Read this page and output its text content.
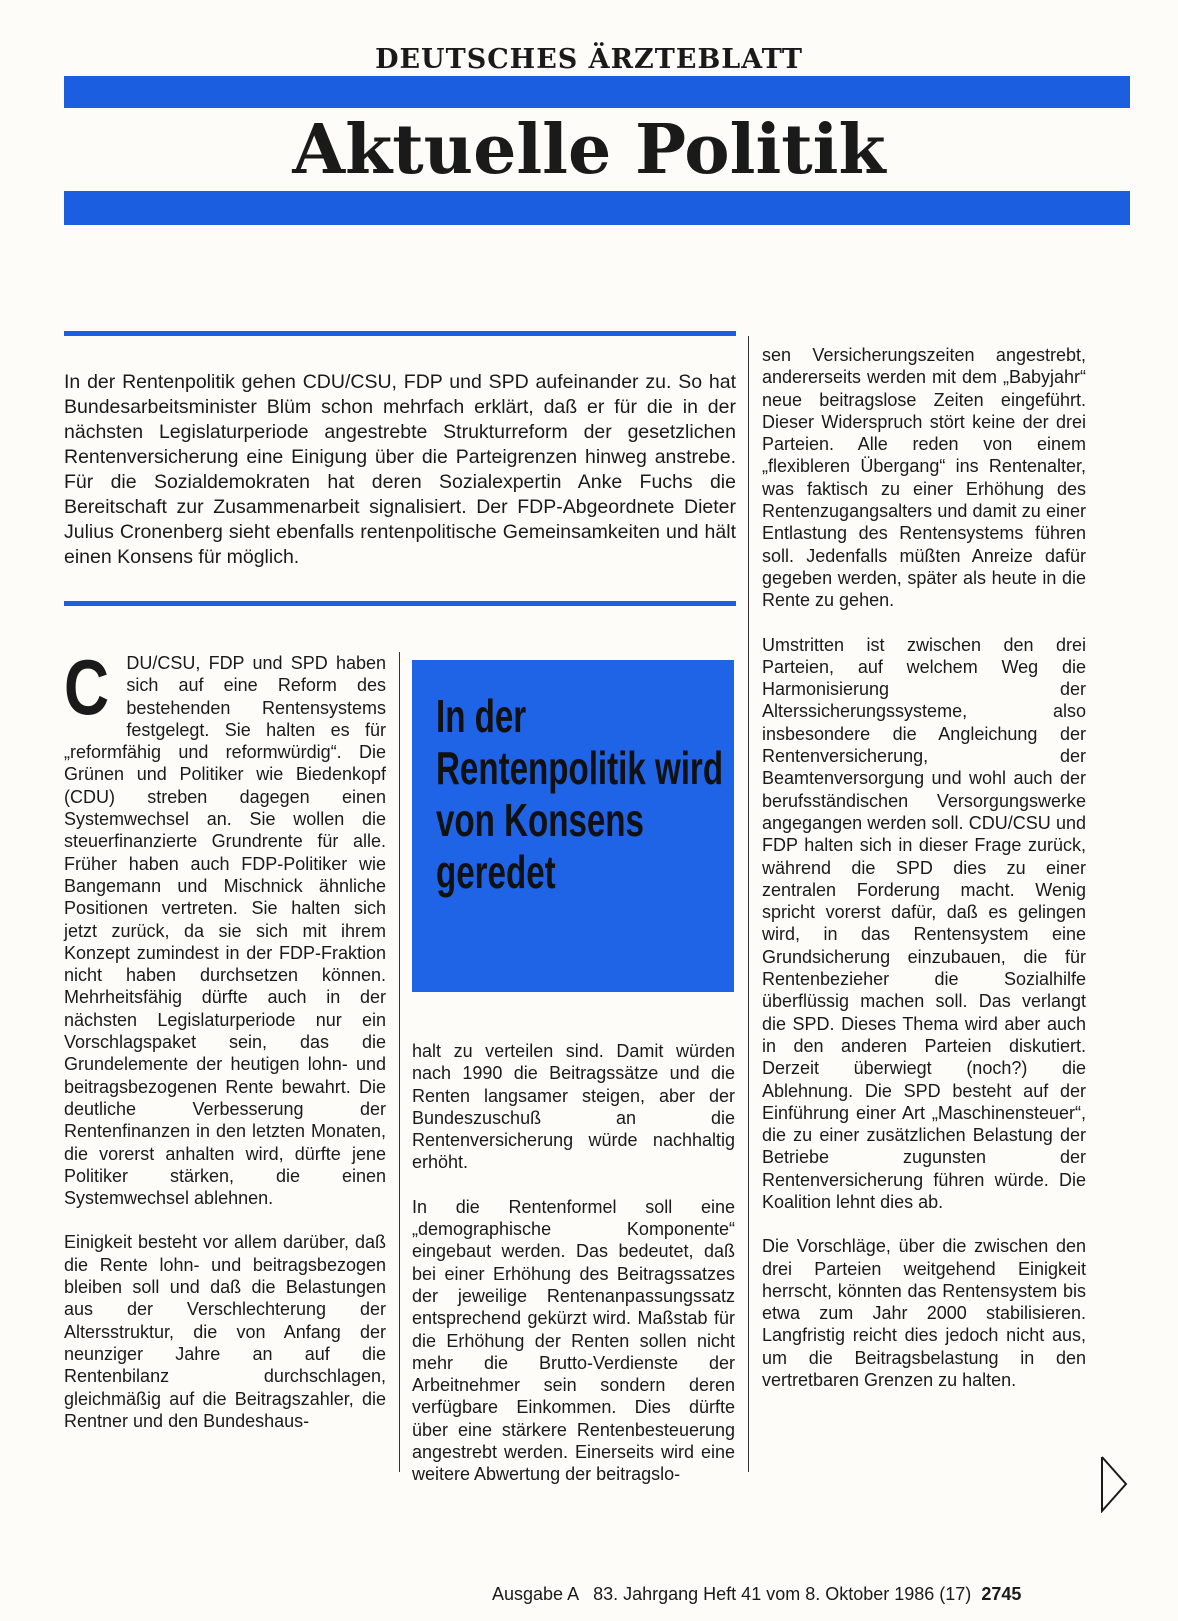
DEUTSCHES ÄRZTEBLATT
Aktuelle Politik
In der Rentenpolitik gehen CDU/CSU, FDP und SPD aufeinander zu. So hat Bundesarbeitsminister Blüm schon mehrfach erklärt, daß er für die in der nächsten Legislaturperiode angestrebte Strukturreform der gesetzlichen Rentenversicherung eine Einigung über die Parteigrenzen hinweg anstrebe. Für die Sozialdemokraten hat deren Sozialexpertin Anke Fuchs die Bereitschaft zur Zusammenarbeit signalisiert. Der FDP-Abgeordnete Dieter Julius Cronenberg sieht ebenfalls rentenpolitische Gemeinsamkeiten und hält einen Konsens für möglich.

CDU/CSU, FDP und SPD haben sich auf eine Reform des bestehenden Rentensystems festgelegt. Sie halten es für „reformfähig und reformwürdig“. Die Grünen und Politiker wie Biedenkopf (CDU) streben dagegen einen Systemwechsel an. Sie wollen die steuerfinanzierte Grundrente für alle. Früher haben auch FDP-Politiker wie Bangemann und Mischnick ähnliche Positionen vertreten. Sie halten sich jetzt zurück, da sie sich mit ihrem Konzept zumindest in der FDP-Fraktion nicht haben durchsetzen können. Mehrheitsfähig dürfte auch in der nächsten Legislaturperiode nur ein Vorschlagspaket sein, das die Grundelemente der heutigen lohn- und beitragsbezogenen Rente bewahrt. Die deutliche Verbesserung der Rentenfinanzen in den letzten Monaten, die vorerst anhalten wird, dürfte jene Politiker stärken, die einen Systemwechsel ablehnen.

Einigkeit besteht vor allem darüber, daß die Rente lohn- und beitragsbezogen bleiben soll und daß die Belastungen aus der Verschlechterung der Altersstruktur, die von Anfang der neunziger Jahre an auf die Rentenbilanz durchschlagen, gleichmäßig auf die Beitragszahler, die Rentner und den Bundeshaus-

In der Rentenpolitik wird von Konsens geredet

halt zu verteilen sind. Damit würden nach 1990 die Beitragssätze und die Renten langsamer steigen, aber der Bundeszuschuß an die Rentenversicherung würde nachhaltig erhöht.

In die Rentenformel soll eine „demographische Komponente“ eingebaut werden. Das bedeutet, daß bei einer Erhöhung des Beitragssatzes der jeweilige Rentenanpassungssatz entsprechend gekürzt wird. Maßstab für die Erhöhung der Renten sollen nicht mehr die Brutto-Verdienste der Arbeitnehmer sein sondern deren verfügbare Einkommen. Dies dürfte über eine stärkere Rentenbesteuerung angestrebt werden. Einerseits wird eine weitere Abwertung der beitragslo-

sen Versicherungszeiten angestrebt, andererseits werden mit dem „Babyjahr“ neue beitragslose Zeiten eingeführt. Dieser Widerspruch stört keine der drei Parteien. Alle reden von einem „flexibleren Übergang“ ins Rentenalter, was faktisch zu einer Erhöhung des Rentenzugangsalters und damit zu einer Entlastung des Rentensystems führen soll. Jedenfalls müßten Anreize dafür gegeben werden, später als heute in die Rente zu gehen.

Umstritten ist zwischen den drei Parteien, auf welchem Weg die Harmonisierung der Alterssicherungssysteme, also insbesondere die Angleichung der Rentenversicherung, der Beamtenversorgung und wohl auch der berufsständischen Versorgungswerke angegangen werden soll. CDU/CSU und FDP halten sich in dieser Frage zurück, während die SPD dies zu einer zentralen Forderung macht. Wenig spricht vorerst dafür, daß es gelingen wird, in das Rentensystem eine Grundsicherung einzubauen, die für Rentenbezieher die Sozialhilfe überflüssig machen soll. Das verlangt die SPD. Dieses Thema wird aber auch in den anderen Parteien diskutiert. Derzeit überwiegt (noch?) die Ablehnung. Die SPD besteht auf der Einführung einer Art „Maschinensteuer“, die zu einer zusätzlichen Belastung der Betriebe zugunsten der Rentenversicherung führen würde. Die Koalition lehnt dies ab.

Die Vorschläge, über die zwischen den drei Parteien weitgehend Einigkeit herrscht, könnten das Rentensystem bis etwa zum Jahr 2000 stabilisieren. Langfristig reicht dies jedoch nicht aus, um die Beitragsbelastung in den vertretbaren Grenzen zu halten.

Ausgabe A   83. Jahrgang Heft 41 vom 8. Oktober 1986 (17) 2745
